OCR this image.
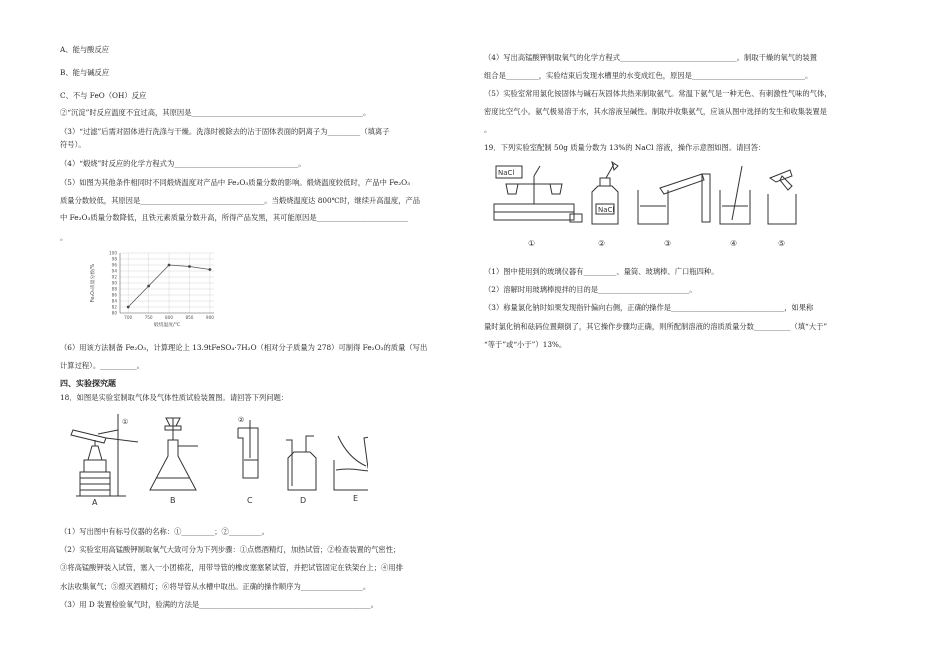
A、能与酸反应
B、能与碱反应
C、不与 FeO（OH）反应
②“沉淀”时反应温度不宜过高，其原因是_______________________________________________。
（3）“过滤”后需对固体进行洗涤与干燥。洗涤时被除去的沾于固体表面的阴离子为_________（填离子
符号）。
（4）“煅烧”时反应的化学方程式为__________________________________。
（5）如图为其他条件相同时不同煅烧温度对产品中 Fe₂O₃质量分数的影响。煅烧温度较低时，产品中 Fe₂O₃
质量分数较低，其原因是__________________________________。当煅烧温度达 800℃时，继续升高温度，产品
中 Fe₂O₃质量分数降低，且铁元素质量分数升高，所得产品发黑，其可能原因是_________________________
。
80
82
84
86
88
90
92
94
96
98
100
700	750	800	850	900
煅烧温度/℃
Fe₂O₃质量分数/%
（6）用该方法制备 Fe₂O₃，计算理论上 13.9tFeSO₄·7H₂O（相对分子质量为 278）可制得 Fe₂O₃的质量（写出
计算过程）。__________。
四、实验探究题
18．如图是实验室制取气体及气体性质试验装置图。请回答下列问题：
A	B	C	D	E
①	②
（1）写出图中有标号仪器的名称：①_________；②_________。
（2）实验室用高锰酸钾制取氧气大致可分为下列步骤：①点燃酒精灯，加热试管；②检查装置的气密性；
③将高锰酸钾装入试管，塞入一小团棉花，用带导管的橡皮塞塞紧试管，并把试管固定在铁架台上；④用排
水法收集氧气；⑤熄灭酒精灯；⑥将导管从水槽中取出。正确的操作顺序为_________________。
（3）用 D 装置检验氧气时，验满的方法是_______________________________________________。
（4）写出高锰酸钾制取氧气的化学方程式________________________________。制取干燥的氧气的装置
组合是_________，实验结束后发现水槽里的水变成红色，原因是_______________________________。
（5）实验室常用氯化铵固体与碱石灰固体共热来制取氨气。常温下氨气是一种无色、有刺激性气味的气体，
密度比空气小。氨气极易溶于水，其水溶液呈碱性。制取并收集氨气，应该从图中选择的发生和收集装置是
。
19．下列实验室配制 50g 质量分数为 13%的 NaCl 溶液，操作示意图如图。请回答：
NaCl
NaCl
①	②	③	④	⑤
（1）图中使用到的玻璃仪器有_________、量筒、玻璃棒、广口瓶四种。
（2）溶解时用玻璃棒搅拌的目的是_________________________。
（3）称量氯化钠时如果发现指针偏向右侧，正确的操作是_______________________________，如果称
量时氯化钠和砝码位置颠倒了，其它操作步骤均正确，则所配制溶液的溶质质量分数__________（填“大于”
“等于”或“小于”）13%。
